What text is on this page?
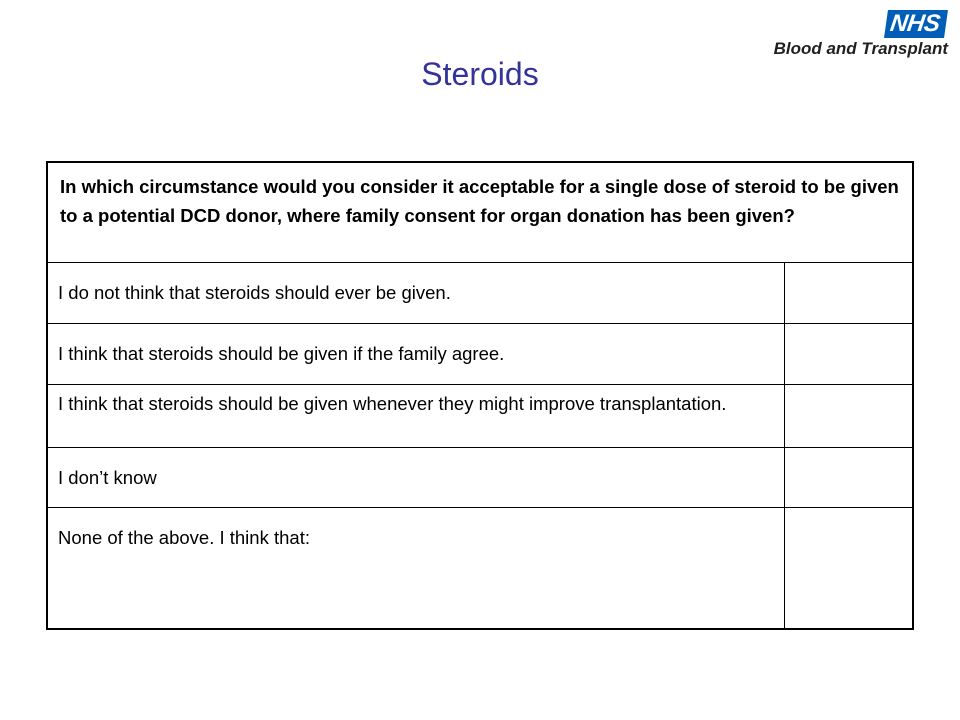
NHS
Blood and Transplant
Steroids
In which circumstance would you consider it acceptable for a single dose of steroid to be given to a potential DCD donor, where family consent for organ donation has been given?	
I do not think that steroids should ever be given.	
I think that steroids should be given if the family agree.	
I think that steroids should be given whenever they might improve transplantation.	
I don’t know	
None of the above. I think that:	
